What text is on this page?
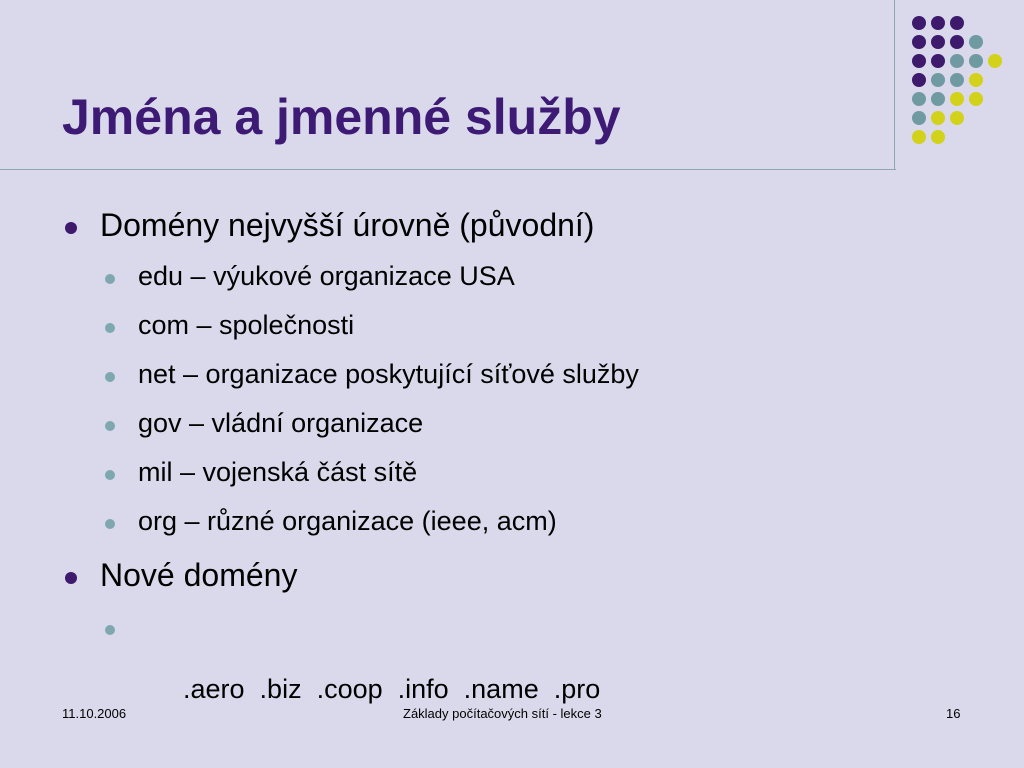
Jména a jmenné služby
Domény nejvyšší úrovně (původní)
edu – výukové organizace USA
com – společnosti
net – organizace poskytující síťové služby
gov – vládní organizace
mil – vojenská část sítě
org – různé organizace (ieee, acm)
Nové domény

.aero  .biz  .coop  .info  .name  .pro

11.10.2006	Základy počítačových sítí - lekce 3	16
